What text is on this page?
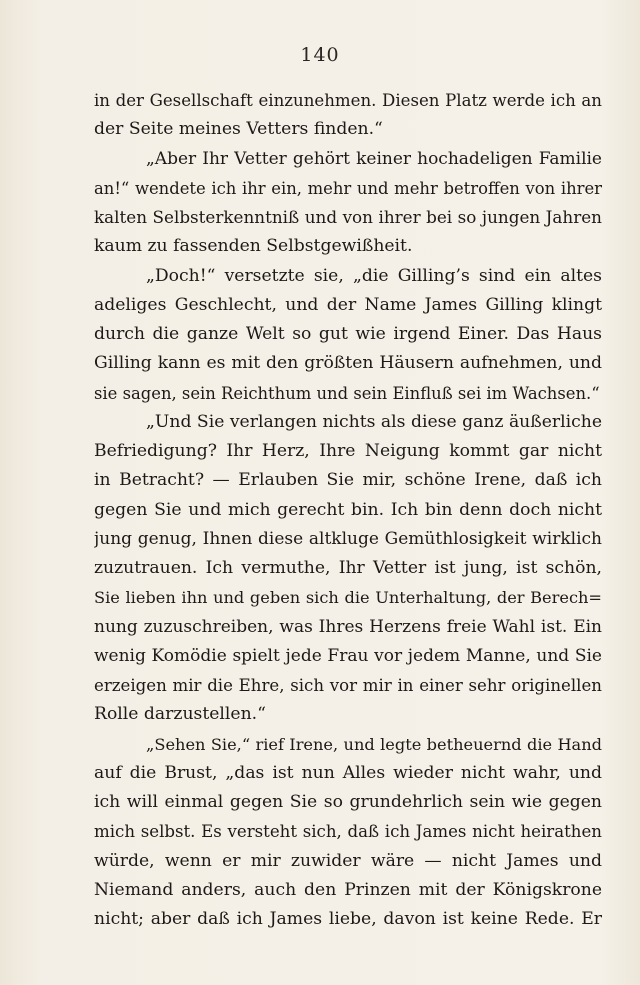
140
in der Gesellschaft einzunehmen. Diesen Platz werde ich an
der Seite meines Vetters finden.“
„Aber Ihr Vetter gehört keiner hochadeligen Familie
an!“ wendete ich ihr ein, mehr und mehr betroffen von ihrer
kalten Selbsterkenntniß und von ihrer bei so jungen Jahren
kaum zu fassenden Selbstgewißheit.
„Doch!“ versetzte sie, „die Gilling’s sind ein altes
adeliges Geschlecht, und der Name James Gilling klingt
durch die ganze Welt so gut wie irgend Einer. Das Haus
Gilling kann es mit den größten Häusern aufnehmen, und
sie sagen, sein Reichthum und sein Einfluß sei im Wachsen.“
„Und Sie verlangen nichts als diese ganz äußerliche
Befriedigung? Ihr Herz, Ihre Neigung kommt gar nicht
in Betracht? — Erlauben Sie mir, schöne Irene, daß ich
gegen Sie und mich gerecht bin. Ich bin denn doch nicht
jung genug, Ihnen diese altkluge Gemüthlosigkeit wirklich
zuzutrauen. Ich vermuthe, Ihr Vetter ist jung, ist schön,
Sie lieben ihn und geben sich die Unterhaltung, der Berech=
nung zuzuschreiben, was Ihres Herzens freie Wahl ist. Ein
wenig Komödie spielt jede Frau vor jedem Manne, und Sie
erzeigen mir die Ehre, sich vor mir in einer sehr originellen
Rolle darzustellen.“
„Sehen Sie,“ rief Irene, und legte betheuernd die Hand
auf die Brust, „das ist nun Alles wieder nicht wahr, und
ich will einmal gegen Sie so grundehrlich sein wie gegen
mich selbst. Es versteht sich, daß ich James nicht heirathen
würde, wenn er mir zuwider wäre — nicht James und
Niemand anders, auch den Prinzen mit der Königskrone
nicht; aber daß ich James liebe, davon ist keine Rede. Er
